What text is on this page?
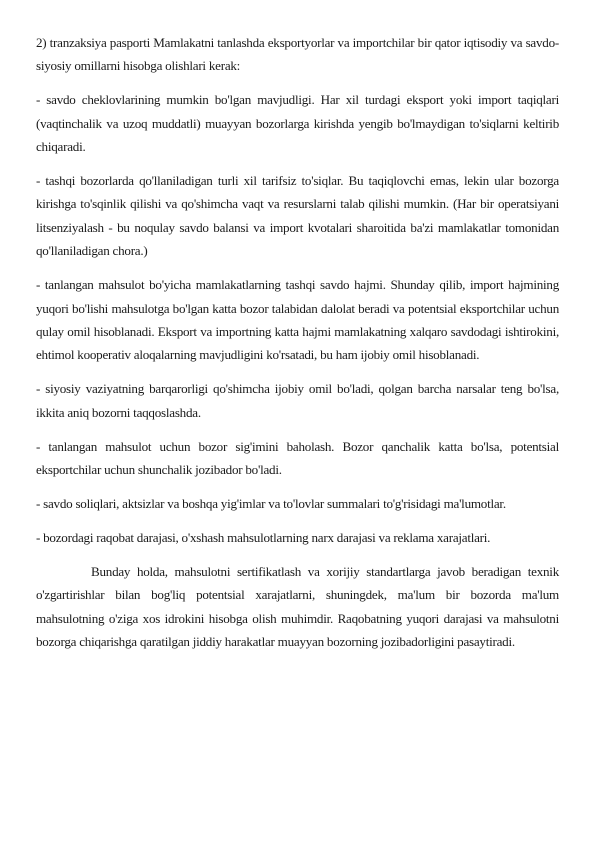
2) tranzaksiya pasporti Mamlakatni tanlashda eksportyorlar va importchilar bir qator iqtisodiy va savdo-siyosiy omillarni hisobga olishlari kerak:

- savdo cheklovlarining mumkin bo'lgan mavjudligi. Har xil turdagi eksport yoki import taqiqlari (vaqtinchalik va uzoq muddatli) muayyan bozorlarga kirishda yengib bo'lmaydigan to'siqlarni keltirib chiqaradi.

- tashqi bozorlarda qo'llaniladigan turli xil tarifsiz to'siqlar. Bu taqiqlovchi emas, lekin ular bozorga kirishga to'sqinlik qilishi va qo'shimcha vaqt va resurslarni talab qilishi mumkin. (Har bir operatsiyani litsenziyalash - bu noqulay savdo balansi va import kvotalari sharoitida ba'zi mamlakatlar tomonidan qo'llaniladigan chora.)

- tanlangan mahsulot bo'yicha mamlakatlarning tashqi savdo hajmi. Shunday qilib, import hajmining yuqori bo'lishi mahsulotga bo'lgan katta bozor talabidan dalolat beradi va potentsial eksportchilar uchun qulay omil hisoblanadi. Eksport va importning katta hajmi mamlakatning xalqaro savdodagi ishtirokini, ehtimol kooperativ aloqalarning mavjudligini ko'rsatadi, bu ham ijobiy omil hisoblanadi.

- siyosiy vaziyatning barqarorligi qo'shimcha ijobiy omil bo'ladi, qolgan barcha narsalar teng bo'lsa, ikkita aniq bozorni taqqoslashda.

- tanlangan mahsulot uchun bozor sig'imini baholash. Bozor qanchalik katta bo'lsa, potentsial eksportchilar uchun shunchalik jozibador bo'ladi.

- savdo soliqlari, aktsizlar va boshqa yig'imlar va to'lovlar summalari to'g'risidagi ma'lumotlar.

- bozordagi raqobat darajasi, o'xshash mahsulotlarning narx darajasi va reklama xarajatlari.

Bunday holda, mahsulotni sertifikatlash va xorijiy standartlarga javob beradigan texnik o'zgartirishlar bilan bog'liq potentsial xarajatlarni, shuningdek, ma'lum bir bozorda ma'lum mahsulotning o'ziga xos idrokini hisobga olish muhimdir. Raqobatning yuqori darajasi va mahsulotni bozorga chiqarishga qaratilgan jiddiy harakatlar muayyan bozorning jozibadorligini pasaytiradi.
